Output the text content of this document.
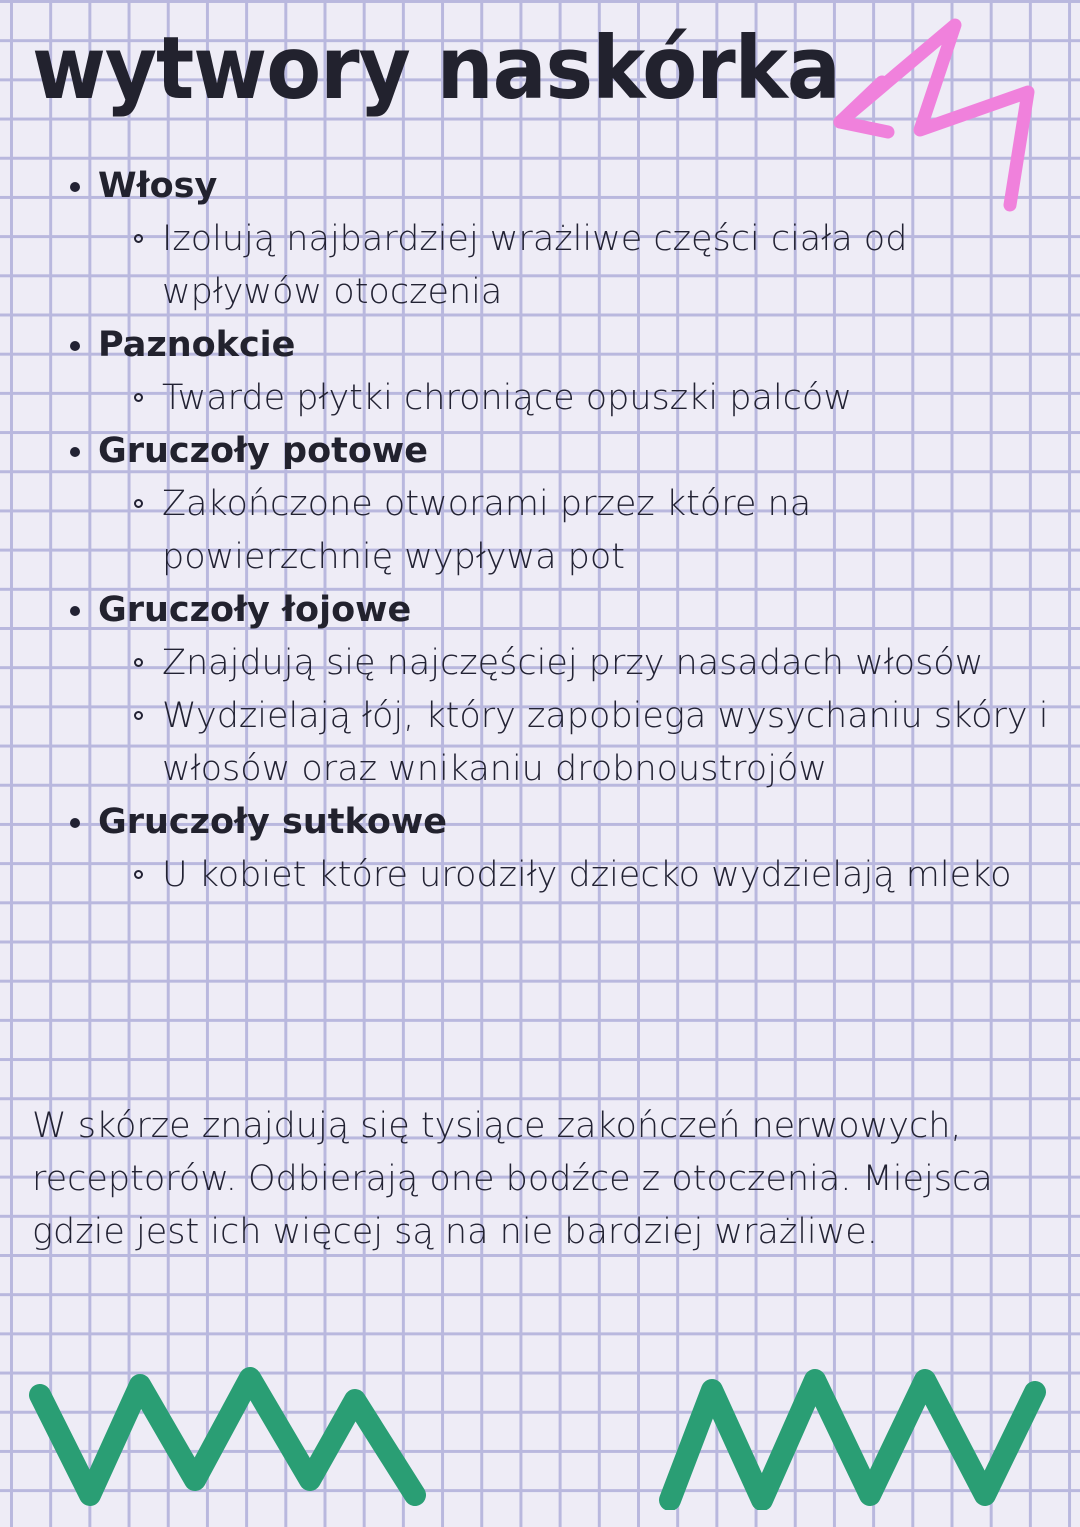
wytwory naskórka
Włosy
Izolują najbardziej wrażliwe części ciała od wpływów otoczenia
Paznokcie
Twarde płytki chroniące opuszki palców
Gruczoły potowe
Zakończone otworami przez które na powierzchnię wypływa pot
Gruczoły łojowe
Znajdują się najczęściej przy nasadach włosów
Wydzielają łój, który zapobiega wysychaniu skóry i włosów oraz wnikaniu drobnoustrojów
Gruczoły sutkowe
U kobiet które urodziły dziecko wydzielają mleko

W skórze znajdują się tysiące zakończeń nerwowych, receptorów. Odbierają one bodźce z otoczenia. Miejsca gdzie jest ich więcej są na nie bardziej wrażliwe.
